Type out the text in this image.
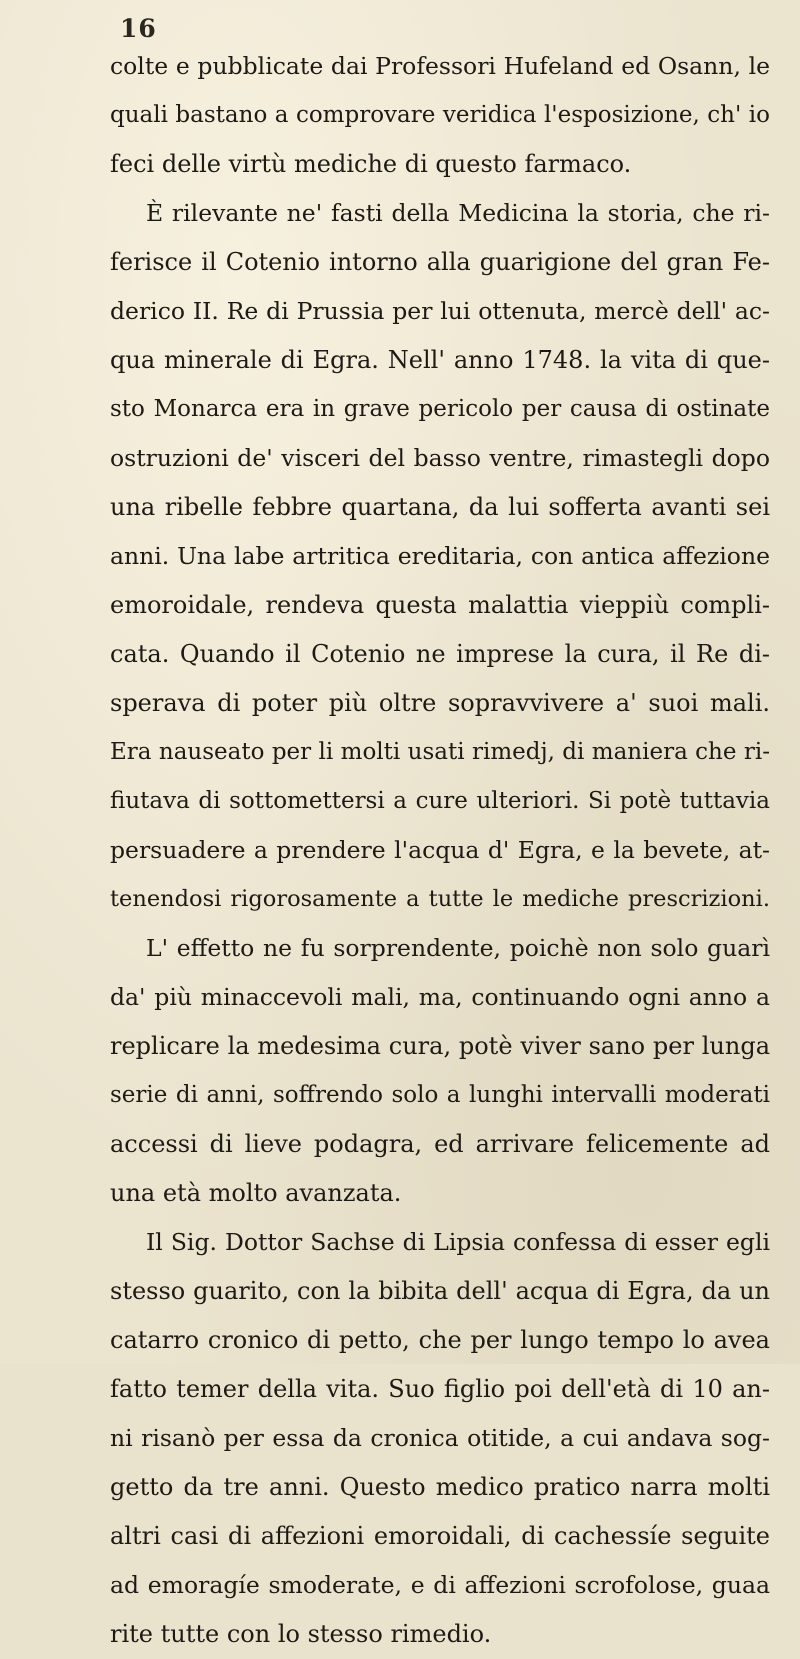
16
colte e pubblicate dai Professori Hufeland ed Osann, le
quali bastano a comprovare veridica l'esposizione, ch' io
feci delle virtù mediche di questo farmaco.
È rilevante ne' fasti della Medicina la storia, che ri-
ferisce il Cotenio intorno alla guarigione del gran Fe-
derico II. Re di Prussia per lui ottenuta, mercè dell' ac-
qua minerale di Egra. Nell' anno 1748. la vita di que-
sto Monarca era in grave pericolo per causa di ostinate
ostruzioni de' visceri del basso ventre, rimastegli dopo
una ribelle febbre quartana, da lui sofferta avanti sei
anni. Una labe artritica ereditaria, con antica affezione
emoroidale, rendeva questa malattia vieppiù compli-
cata. Quando il Cotenio ne imprese la cura, il Re di-
sperava di poter più oltre sopravvivere a' suoi mali.
Era nauseato per li molti usati rimedj, di maniera che ri-
fiutava di sottomettersi a cure ulteriori. Si potè tuttavia
persuadere a prendere l'acqua d' Egra, e la bevete, at-
tenendosi rigorosamente a tutte le mediche prescrizioni.
L' effetto ne fu sorprendente, poichè non solo guarì
da' più minaccevoli mali, ma, continuando ogni anno a
replicare la medesima cura, potè viver sano per lunga
serie di anni, soffrendo solo a lunghi intervalli moderati
accessi di lieve podagra, ed arrivare felicemente ad
una età molto avanzata.
Il Sig. Dottor Sachse di Lipsia confessa di esser egli
stesso guarito, con la bibita dell' acqua di Egra, da un
catarro cronico di petto, che per lungo tempo lo avea
fatto temer della vita. Suo figlio poi dell'età di 10 an-
ni risanò per essa da cronica otitide, a cui andava sog-
getto da tre anni. Questo medico pratico narra molti
altri casi di affezioni emoroidali, di cachessíe seguite
ad emoragíe smoderate, e di affezioni scrofolose, guaa
rite tutte con lo stesso rimedio.
